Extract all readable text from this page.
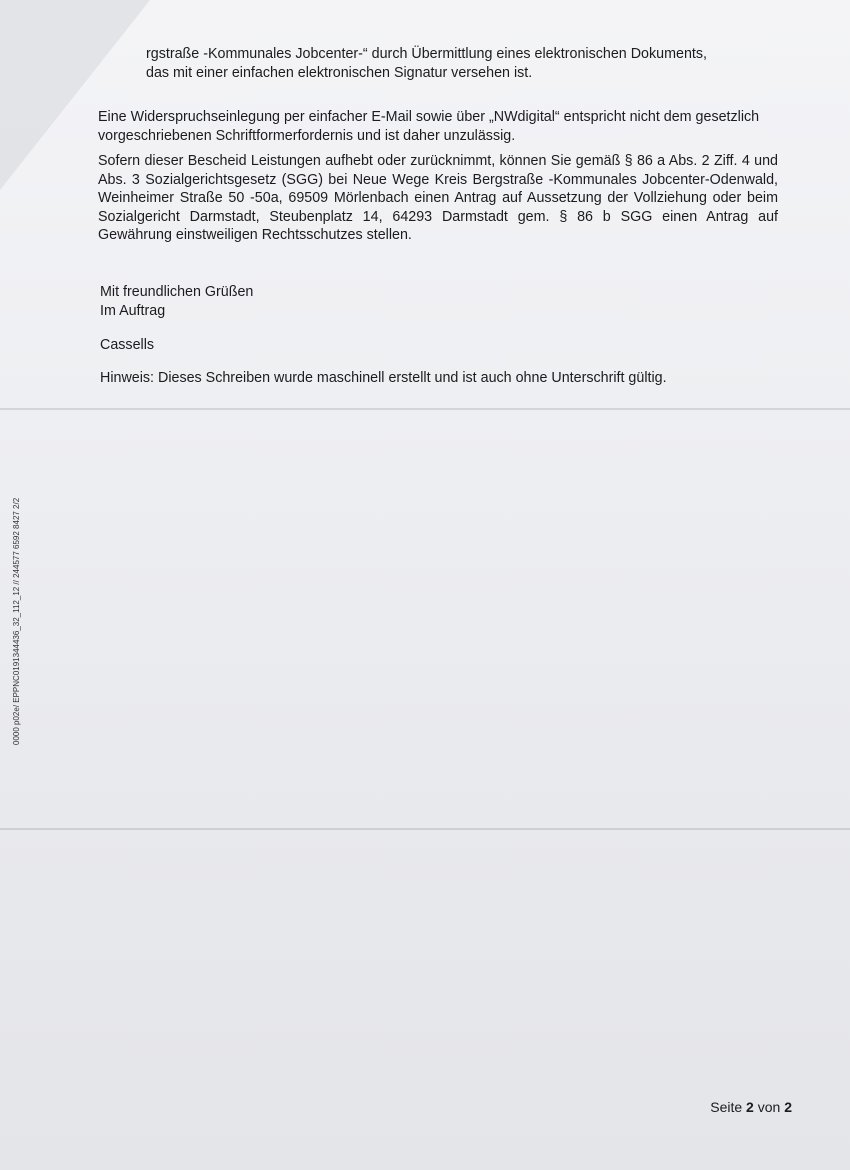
rgstraße -Kommunales Jobcenter-“ durch Übermittlung eines elektronischen Dokuments,
das mit einer einfachen elektronischen Signatur versehen ist.
Eine Widerspruchseinlegung per einfacher E-Mail sowie über „NWdigital“ entspricht nicht dem gesetzlich vorgeschriebenen Schriftformerfordernis und ist daher unzulässig.
Sofern dieser Bescheid Leistungen aufhebt oder zurücknimmt, können Sie gemäß § 86 a Abs. 2 Ziff. 4 und Abs. 3 Sozialgerichtsgesetz (SGG) bei Neue Wege Kreis Bergstraße -Kommunales Jobcenter-Odenwald, Weinheimer Straße 50 -50a, 69509 Mörlenbach einen Antrag auf Aussetzung der Vollziehung oder beim Sozialgericht Darmstadt, Steubenplatz 14, 64293 Darmstadt gem. § 86 b SGG einen Antrag auf Gewährung einstweiligen Rechtsschutzes stellen.
Mit freundlichen Grüßen
Im Auftrag
Cassells
Hinweis: Dieses Schreiben wurde maschinell erstellt und ist auch ohne Unterschrift gültig.
0000 p02e/ EPPNC0191344436_32_112_12 // 244577 6592 8427 2/2
Seite 2 von 2
